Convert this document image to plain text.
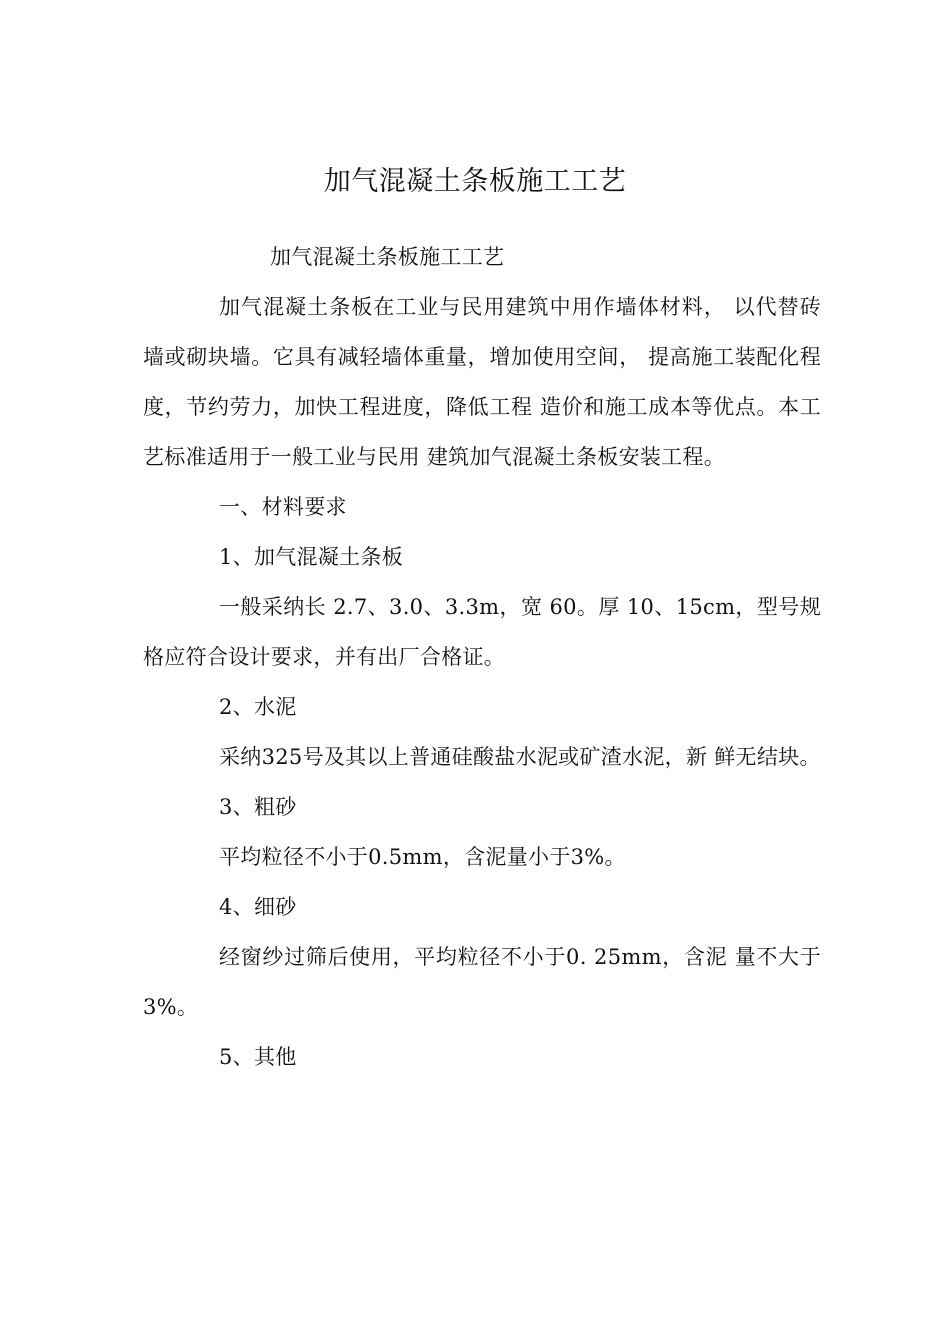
加气混凝土条板施工工艺

加气混凝土条板施工工艺

加气混凝土条板在工业与民用建筑中用作墙体材料， 以代替砖墙或砌块墙。它具有减轻墙体重量，增加使用空间， 提高施工装配化程度，节约劳力，加快工程进度，降低工程 造价和施工成本等优点。本工艺标准适用于一般工业与民用 建筑加气混凝土条板安装工程。

一、材料要求

1、加气混凝土条板

一般采纳长 2.7、3.0、3.3m，宽 60。厚 10、15cm，型号规格应符合设计要求，并有出厂合格证。

2、水泥

采纳325号及其以上普通硅酸盐水泥或矿渣水泥，新 鲜无结块。

3、粗砂

平均粒径不小于0.5mm，含泥量小于3%。

4、细砂

经窗纱过筛后使用，平均粒径不小于0. 25mm，含泥 量不大于3%。

5、其他
